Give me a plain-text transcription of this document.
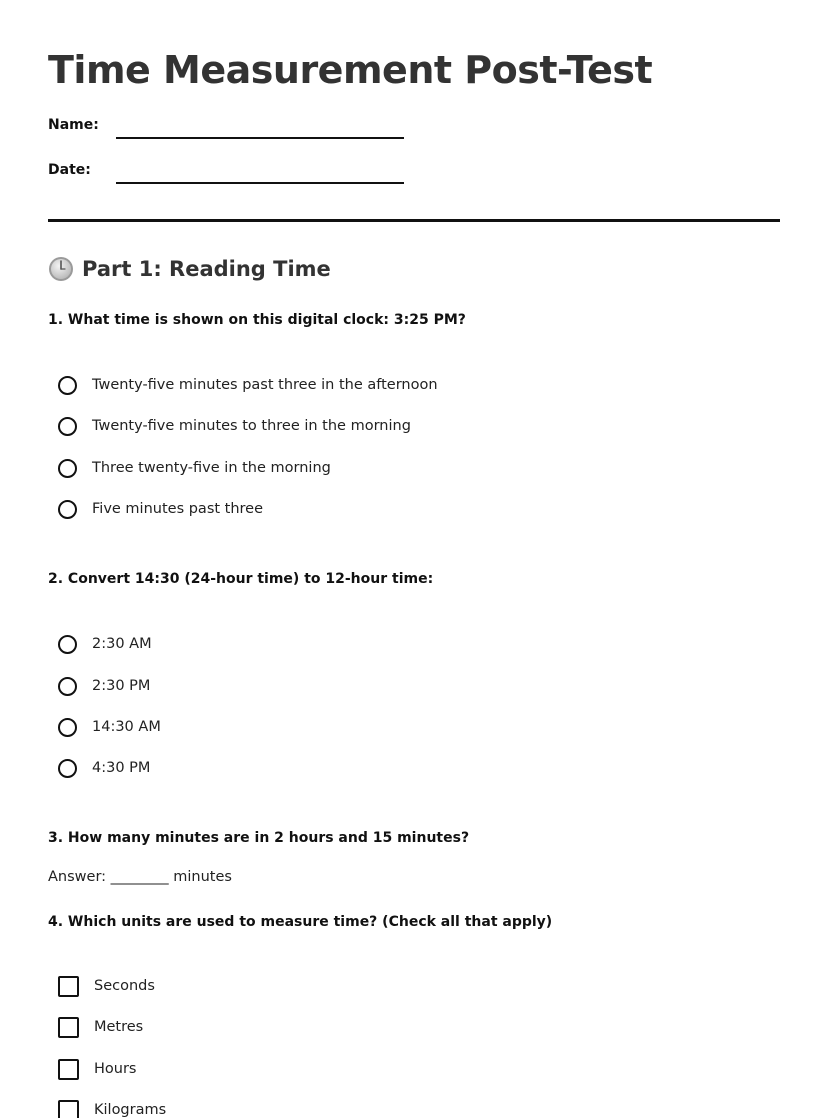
Time Measurement Post-Test
Name:
Date:
Part 1: Reading Time
1. What time is shown on this digital clock: 3:25 PM?
Twenty-five minutes past three in the afternoon
Twenty-five minutes to three in the morning
Three twenty-five in the morning
Five minutes past three
2. Convert 14:30 (24-hour time) to 12-hour time:
2:30 AM
2:30 PM
14:30 AM
4:30 PM
3. How many minutes are in 2 hours and 15 minutes?
Answer: ________ minutes
4. Which units are used to measure time? (Check all that apply)
Seconds
Metres
Hours
Kilograms
